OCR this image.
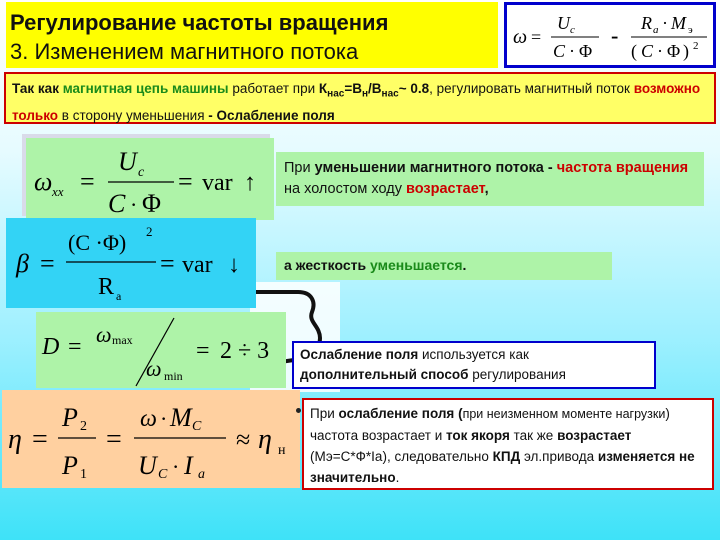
Регулирование частоты вращения
3. Изменением магнитного потока
ω =
U c
C · Φ
- R a · M э
( C · Φ ) 2
Так как магнитная цепь машины работает при $К_{нас}=В_н/В_{нас}\sim$ 0.8, регулировать магнитный поток возможно только в сторону уменьшения - Ослабление поля
ω xx =
U c
C · Φ
= var ↑
β =
(C ·Φ) 2
R a
= var ↓
D = ω max
ω min
= 2 ÷ 3
η =
P 2
P 1
=
ω · M C
U C · I a
≈ η н
При уменьшении магнитного потока - частота вращения на холостом ходу возрастает,
а жесткость уменьшается.
Ослабление поля используется как дополнительный способ регулирования
При ослабление поля (при неизменном моменте нагрузки) частота возрастает и ток якоря так же возрастает (Мэ=С*Ф*Iа), следовательно КПД эл.привода изменяется не значительно.
